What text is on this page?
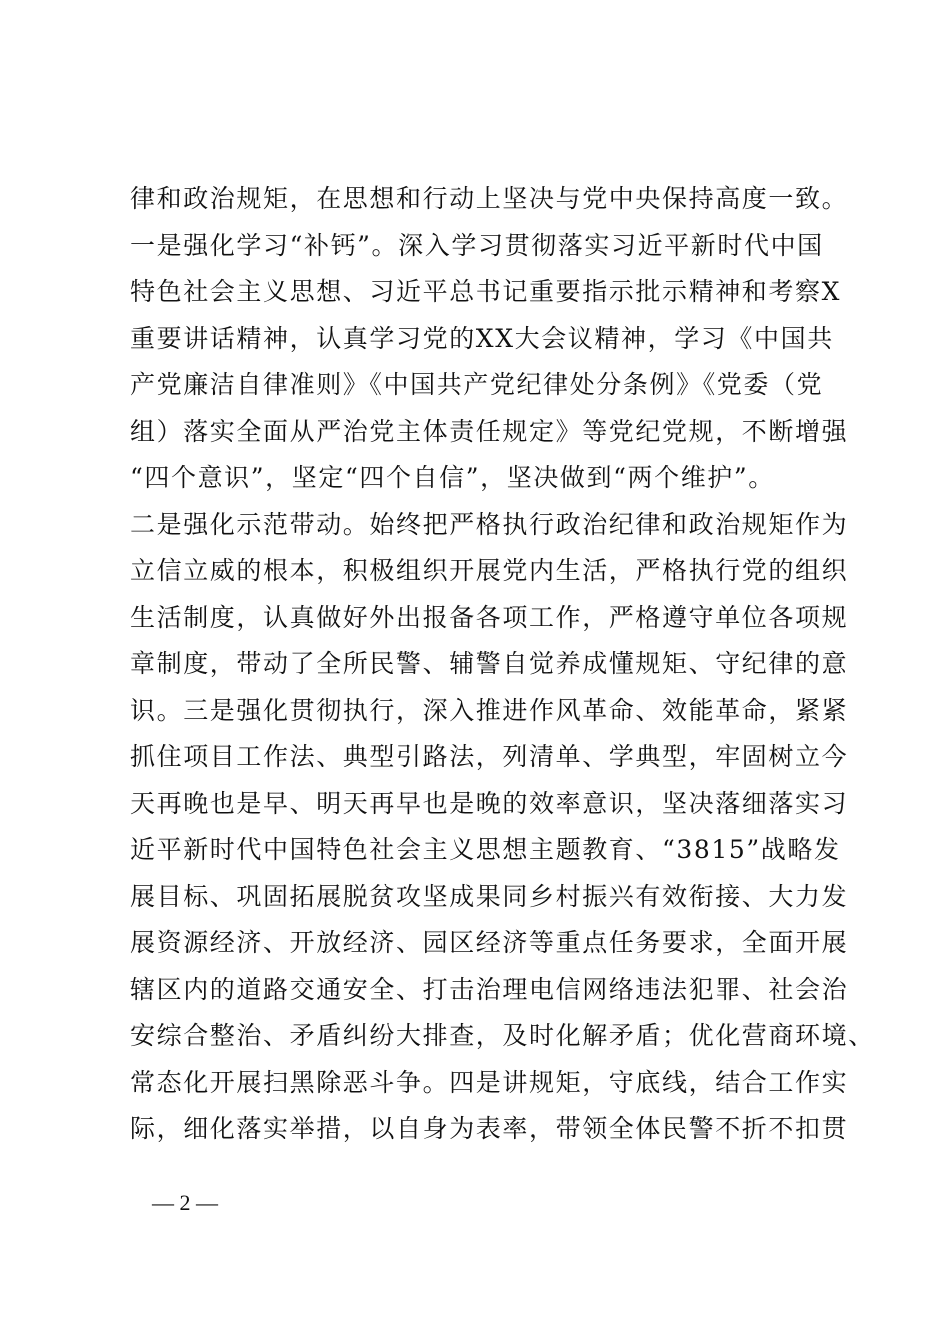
律和政治规矩，在思想和行动上坚决与党中央保持高度一致。
一是强化学习“补钙”。深入学习贯彻落实习近平新时代中国
特色社会主义思想、习近平总书记重要指示批示精神和考察X
重要讲话精神，认真学习党的XX大会议精神，学习《中国共
产党廉洁自律准则》《中国共产党纪律处分条例》《党委（党
组）落实全面从严治党主体责任规定》等党纪党规，不断增强
“四个意识”，坚定“四个自信”，坚决做到“两个维护”。
二是强化示范带动。始终把严格执行政治纪律和政治规矩作为
立信立威的根本，积极组织开展党内生活，严格执行党的组织
生活制度，认真做好外出报备各项工作，严格遵守单位各项规
章制度，带动了全所民警、辅警自觉养成懂规矩、守纪律的意
识。三是强化贯彻执行，深入推进作风革命、效能革命，紧紧
抓住项目工作法、典型引路法，列清单、学典型，牢固树立今
天再晚也是早、明天再早也是晚的效率意识，坚决落细落实习
近平新时代中国特色社会主义思想主题教育、“3815”战略发
展目标、巩固拓展脱贫攻坚成果同乡村振兴有效衔接、大力发
展资源经济、开放经济、园区经济等重点任务要求，全面开展
辖区内的道路交通安全、打击治理电信网络违法犯罪、社会治
安综合整治、矛盾纠纷大排查，及时化解矛盾；优化营商环境、
常态化开展扫黑除恶斗争。四是讲规矩，守底线，结合工作实
际，细化落实举措，以自身为表率，带领全体民警不折不扣贯
— 2 —
